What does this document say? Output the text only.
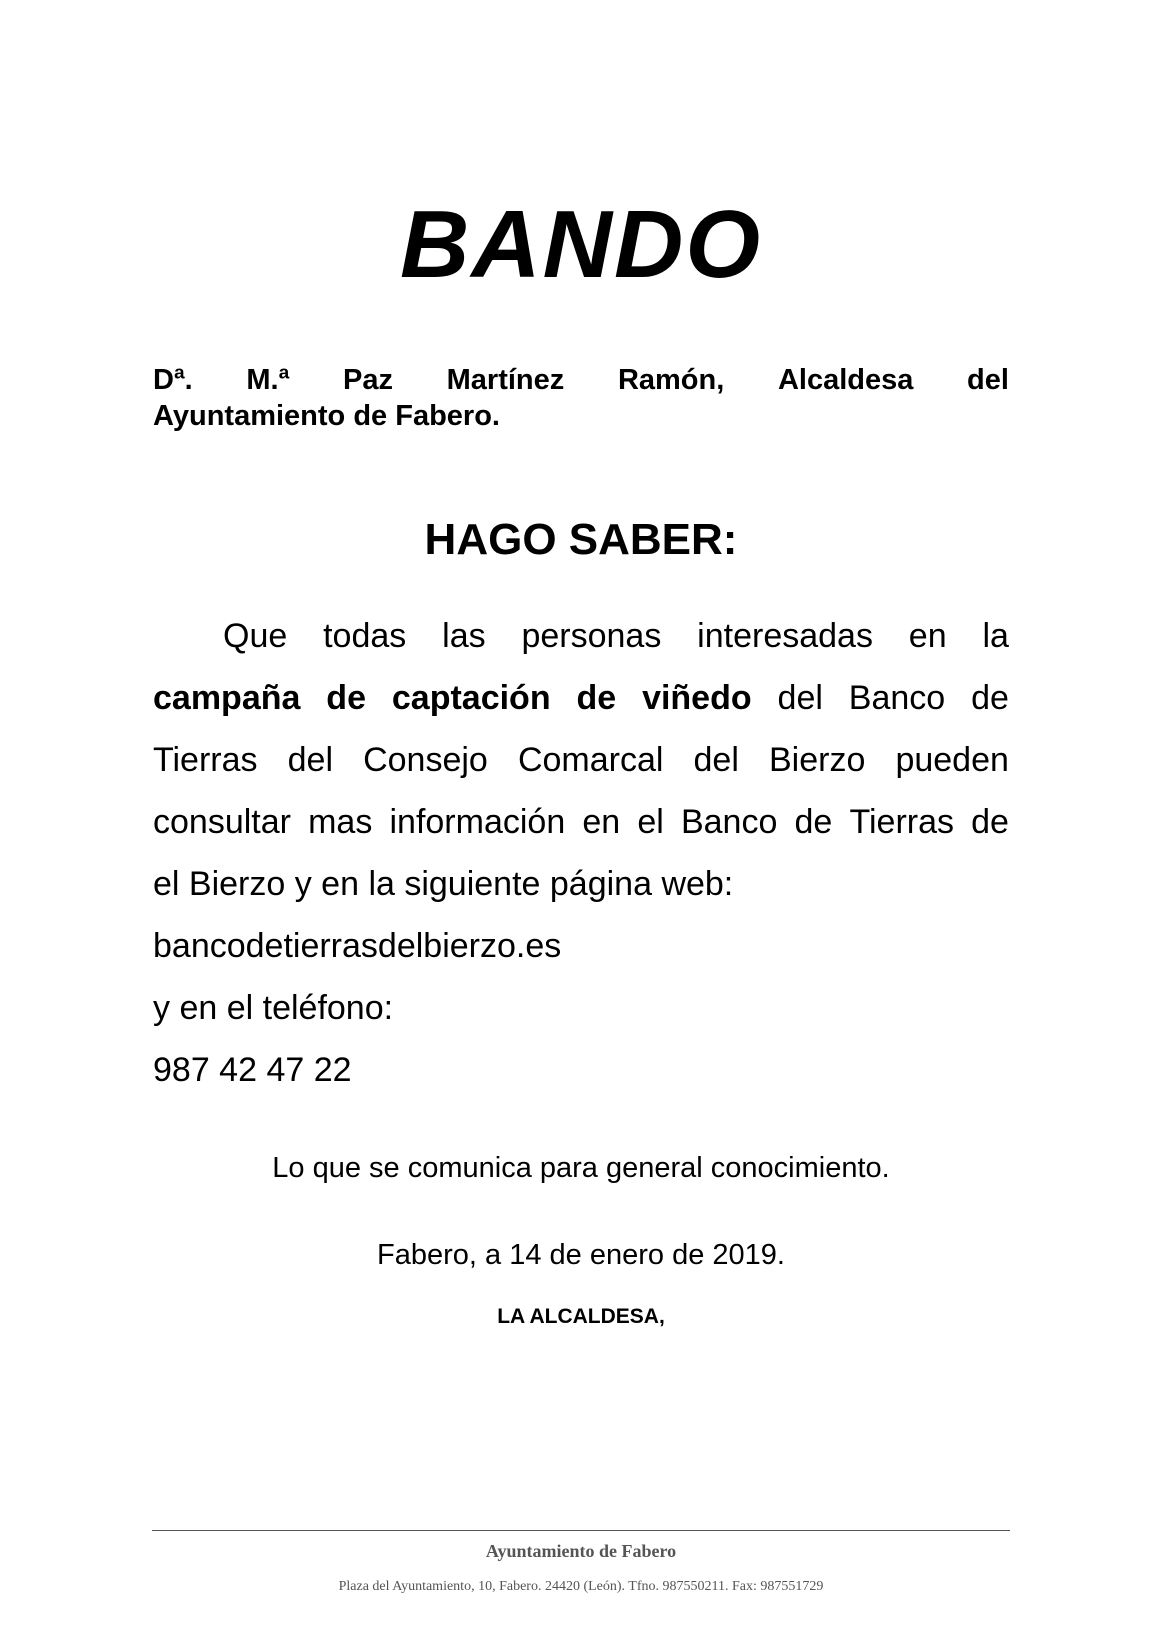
BANDO
Dª. M.ª Paz Martínez Ramón, Alcaldesa del
Ayuntamiento de Fabero.
HAGO SABER:
Que todas las personas interesadas en la
campaña de captación de viñedo del Banco de
Tierras del Consejo Comarcal del Bierzo pueden
consultar mas información en el Banco de Tierras de
el Bierzo y en la siguiente página web:
bancodetierrasdelbierzo.es
y en el teléfono:
987 42 47 22
Lo que se comunica para general conocimiento.
Fabero, a 14 de enero de 2019.
LA ALCALDESA,
Ayuntamiento de Fabero
Plaza del Ayuntamiento, 10, Fabero. 24420 (León). Tfno. 987550211. Fax: 987551729
